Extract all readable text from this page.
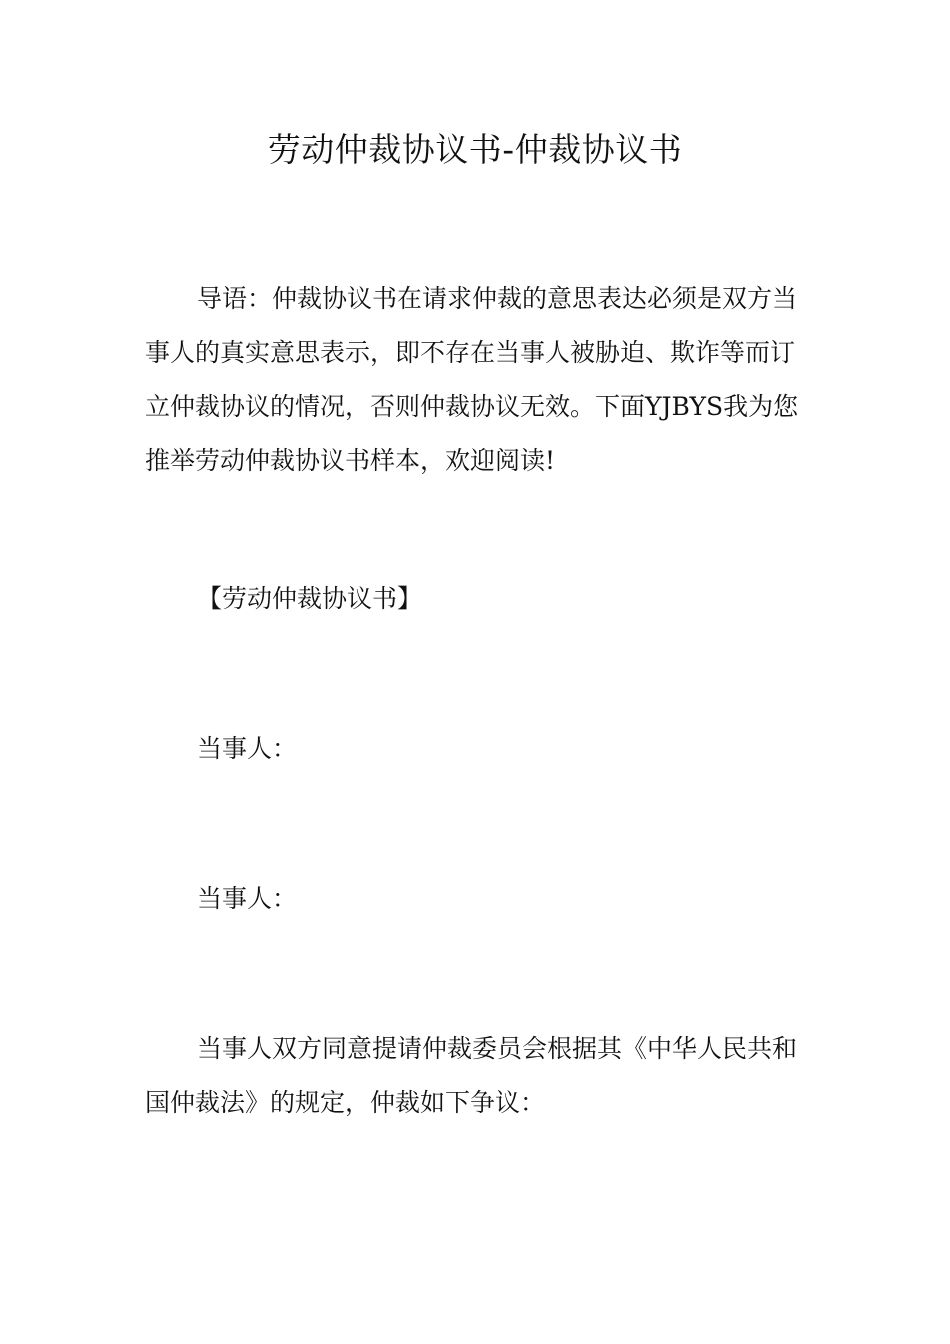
劳动仲裁协议书-仲裁协议书

导语：仲裁协议书在请求仲裁的意思表达必须是双方当事人的真实意思表示，即不存在当事人被胁迫、欺诈等而订立仲裁协议的情况，否则仲裁协议无效。下面YJBYS我为您推举劳动仲裁协议书样本，欢迎阅读!

【劳动仲裁协议书】

当事人：

当事人：

当事人双方同意提请仲裁委员会根据其《中华人民共和国仲裁法》的规定，仲裁如下争议：
